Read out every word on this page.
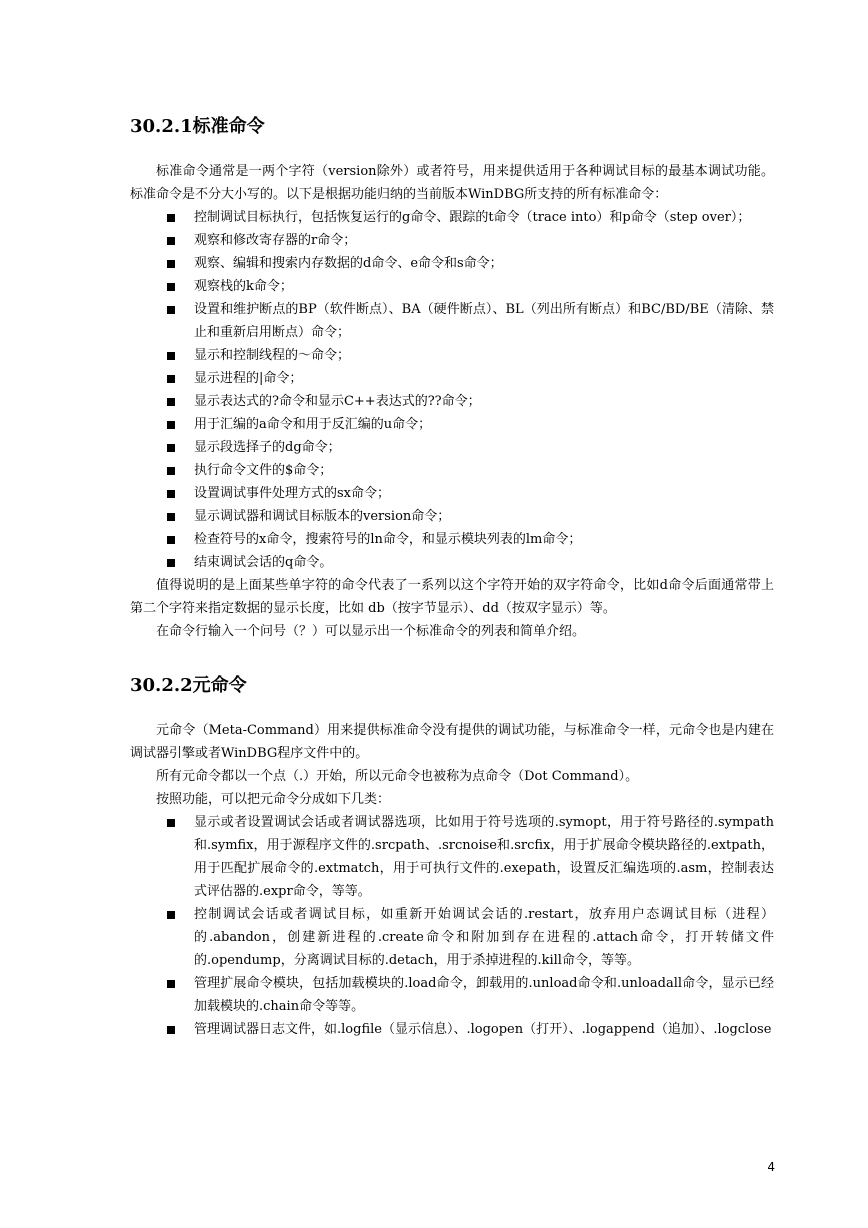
30.2.1标准命令

标准命令通常是一两个字符（version除外）或者符号，用来提供适用于各种调试目标的最基本调试功能。标准命令是不分大小写的。以下是根据功能归纳的当前版本WinDBG所支持的所有标准命令：

控制调试目标执行，包括恢复运行的g命令、跟踪的t命令（trace into）和p命令（step over）；
观察和修改寄存器的r命令；
观察、编辑和搜索内存数据的d命令、e命令和s命令；
观察栈的k命令；
设置和维护断点的BP（软件断点）、BA（硬件断点）、BL（列出所有断点）和BC/BD/BE（清除、禁止和重新启用断点）命令；
显示和控制线程的～命令；
显示进程的|命令；
显示表达式的?命令和显示C++表达式的??命令；
用于汇编的a命令和用于反汇编的u命令；
显示段选择子的dg命令；
执行命令文件的$命令；
设置调试事件处理方式的sx命令；
显示调试器和调试目标版本的version命令；
检查符号的x命令，搜索符号的ln命令，和显示模块列表的lm命令；
结束调试会话的q命令。

值得说明的是上面某些单字符的命令代表了一系列以这个字符开始的双字符命令，比如d命令后面通常带上第二个字符来指定数据的显示长度，比如 db（按字节显示）、dd（按双字显示）等。

在命令行输入一个问号（？）可以显示出一个标准命令的列表和简单介绍。

30.2.2元命令

元命令（Meta-Command）用来提供标准命令没有提供的调试功能，与标准命令一样，元命令也是内建在调试器引擎或者WinDBG程序文件中的。

所有元命令都以一个点（.）开始，所以元命令也被称为点命令（Dot Command）。

按照功能，可以把元命令分成如下几类：

显示或者设置调试会话或者调试器选项，比如用于符号选项的.symopt，用于符号路径的.sympath和.symfix，用于源程序文件的.srcpath、.srcnoise和.srcfix，用于扩展命令模块路径的.extpath，用于匹配扩展命令的.extmatch，用于可执行文件的.exepath，设置反汇编选项的.asm，控制表达式评估器的.expr命令，等等。
控制调试会话或者调试目标，如重新开始调试会话的.restart，放弃用户态调试目标（进程）的.abandon，创建新进程的.create命令和附加到存在进程的.attach命令，打开转储文件的.opendump，分离调试目标的.detach，用于杀掉进程的.kill命令，等等。
管理扩展命令模块，包括加载模块的.load命令，卸载用的.unload命令和.unloadall命令，显示已经加载模块的.chain命令等等。
管理调试器日志文件，如.logfile（显示信息）、.logopen（打开）、.logappend（追加）、.logclose
4
